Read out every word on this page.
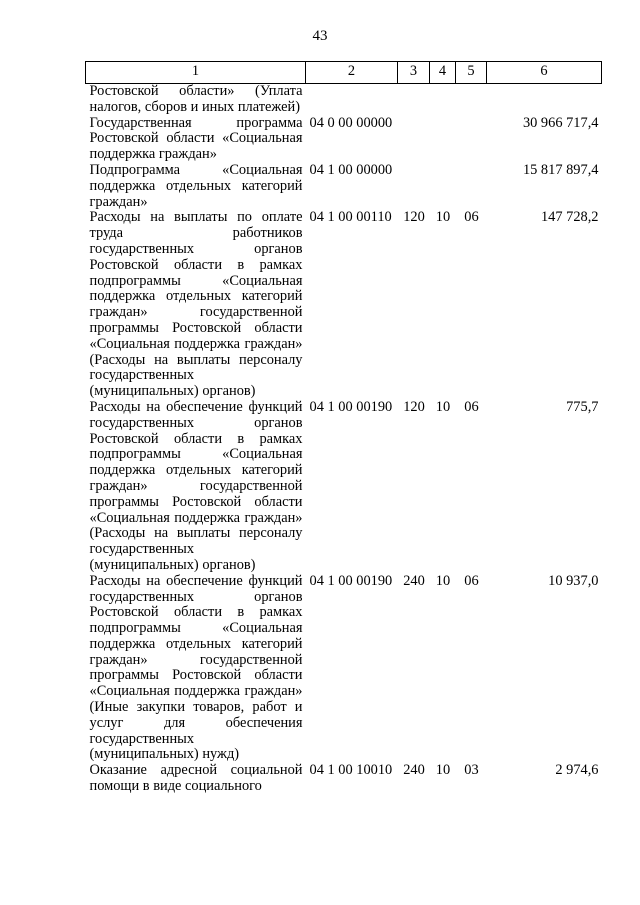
43
1	2	3	4	5	6
Ростовской области» (Уплата налогов, сборов и иных платежей)					
Государственная программа Ростовской области «Социальная поддержка граждан»	04 0 00 00000				30 966 717,4
Подпрограмма «Социальная поддержка отдельных категорий граждан»	04 1 00 00000				15 817 897,4
Расходы на выплаты по оплате труда работников государственных органов Ростовской области в рамках подпрограммы «Социальная поддержка отдельных категорий граждан» государственной программы Ростовской области «Социальная поддержка граждан» (Расходы на выплаты персоналу государственных (муниципальных) органов)	04 1 00 00110	120	10	06	147 728,2
Расходы на обеспечение функций государственных органов Ростовской области в рамках подпрограммы «Социальная поддержка отдельных категорий граждан» государственной программы Ростовской области «Социальная поддержка граждан» (Расходы на выплаты персоналу государственных (муниципальных) органов)	04 1 00 00190	120	10	06	775,7
Расходы на обеспечение функций государственных органов Ростовской области в рамках подпрограммы «Социальная поддержка отдельных категорий граждан» государственной программы Ростовской области «Социальная поддержка граждан» (Иные закупки товаров, работ и услуг для обеспечения государственных (муниципальных) нужд)	04 1 00 00190	240	10	06	10 937,0
Оказание адресной социальной помощи в виде социального	04 1 00 10010	240	10	03	2 974,6
